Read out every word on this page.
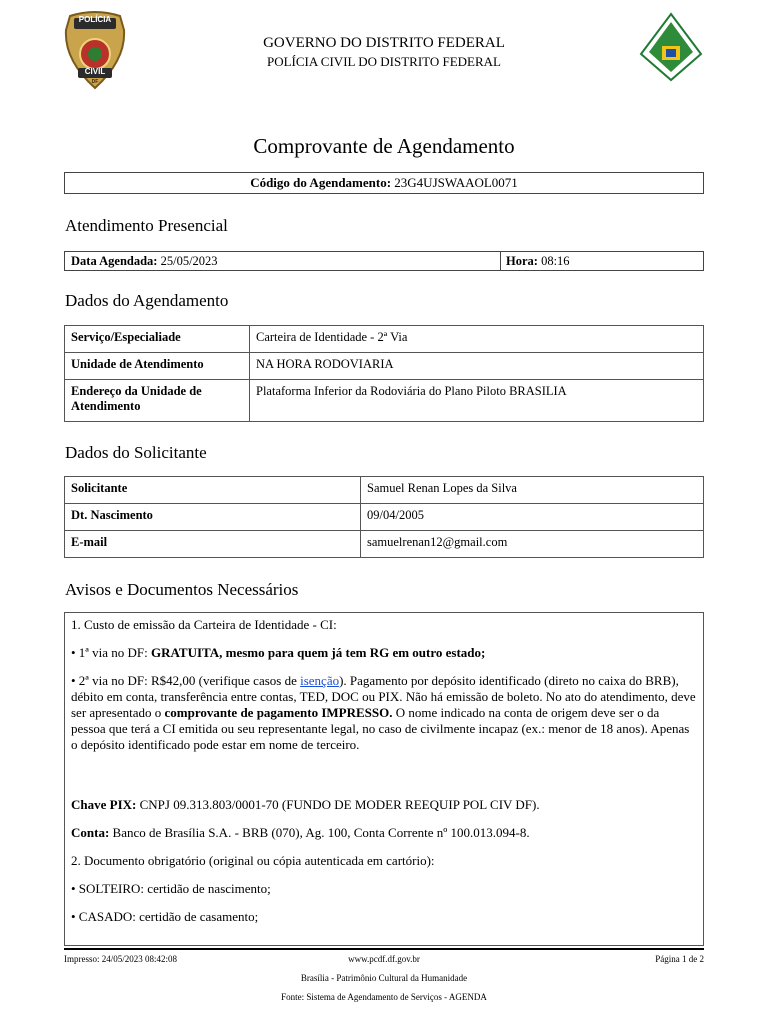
POLÍCIA
CIVIL
DF
GOVERNO DO DISTRITO FEDERAL
POLÍCIA CIVIL DO DISTRITO FEDERAL
Comprovante de Agendamento
Código do Agendamento: 23G4UJSWAAOL0071
Atendimento Presencial
Data Agendada: 25/05/2023	Hora: 08:16
Dados do Agendamento
Serviço/Especialiade	Carteira de Identidade - 2ª Via
Unidade de Atendimento	NA HORA RODOVIARIA
Endereço da Unidade de Atendimento	Plataforma Inferior da Rodoviária do Plano Piloto BRASILIA
Dados do Solicitante
Solicitante	Samuel Renan Lopes da Silva
Dt. Nascimento	09/04/2005
E-mail	samuelrenan12@gmail.com
Avisos e Documentos Necessários

1. Custo de emissão da Carteira de Identidade - CI:

• 1ª via no DF: GRATUITA, mesmo para quem já tem RG em outro estado;

• 2ª via no DF: R$42,00 (verifique casos de isenção). Pagamento por depósito identificado (direto no caixa do BRB), débito em conta, transferência entre contas, TED, DOC ou PIX. Não há emissão de boleto. No ato do atendimento, deve ser apresentado o comprovante de pagamento IMPRESSO. O nome indicado na conta de origem deve ser o da pessoa que terá a CI emitida ou seu representante legal, no caso de civilmente incapaz (ex.: menor de 18 anos). Apenas o depósito identificado pode estar em nome de terceiro.

Chave PIX: CNPJ 09.313.803/0001-70 (FUNDO DE MODER REEQUIP POL CIV DF).

Conta: Banco de Brasília S.A. - BRB (070), Ag. 100, Conta Corrente nº 100.013.094-8.

2. Documento obrigatório (original ou cópia autenticada em cartório):

• SOLTEIRO: certidão de nascimento;

• CASADO: certidão de casamento;

Impresso: 24/05/2023 08:42:08	www.pcdf.df.gov.br	Página 1 de 2
Brasília - Patrimônio Cultural da Humanidade
Fonte: Sistema de Agendamento de Serviços - AGENDA
